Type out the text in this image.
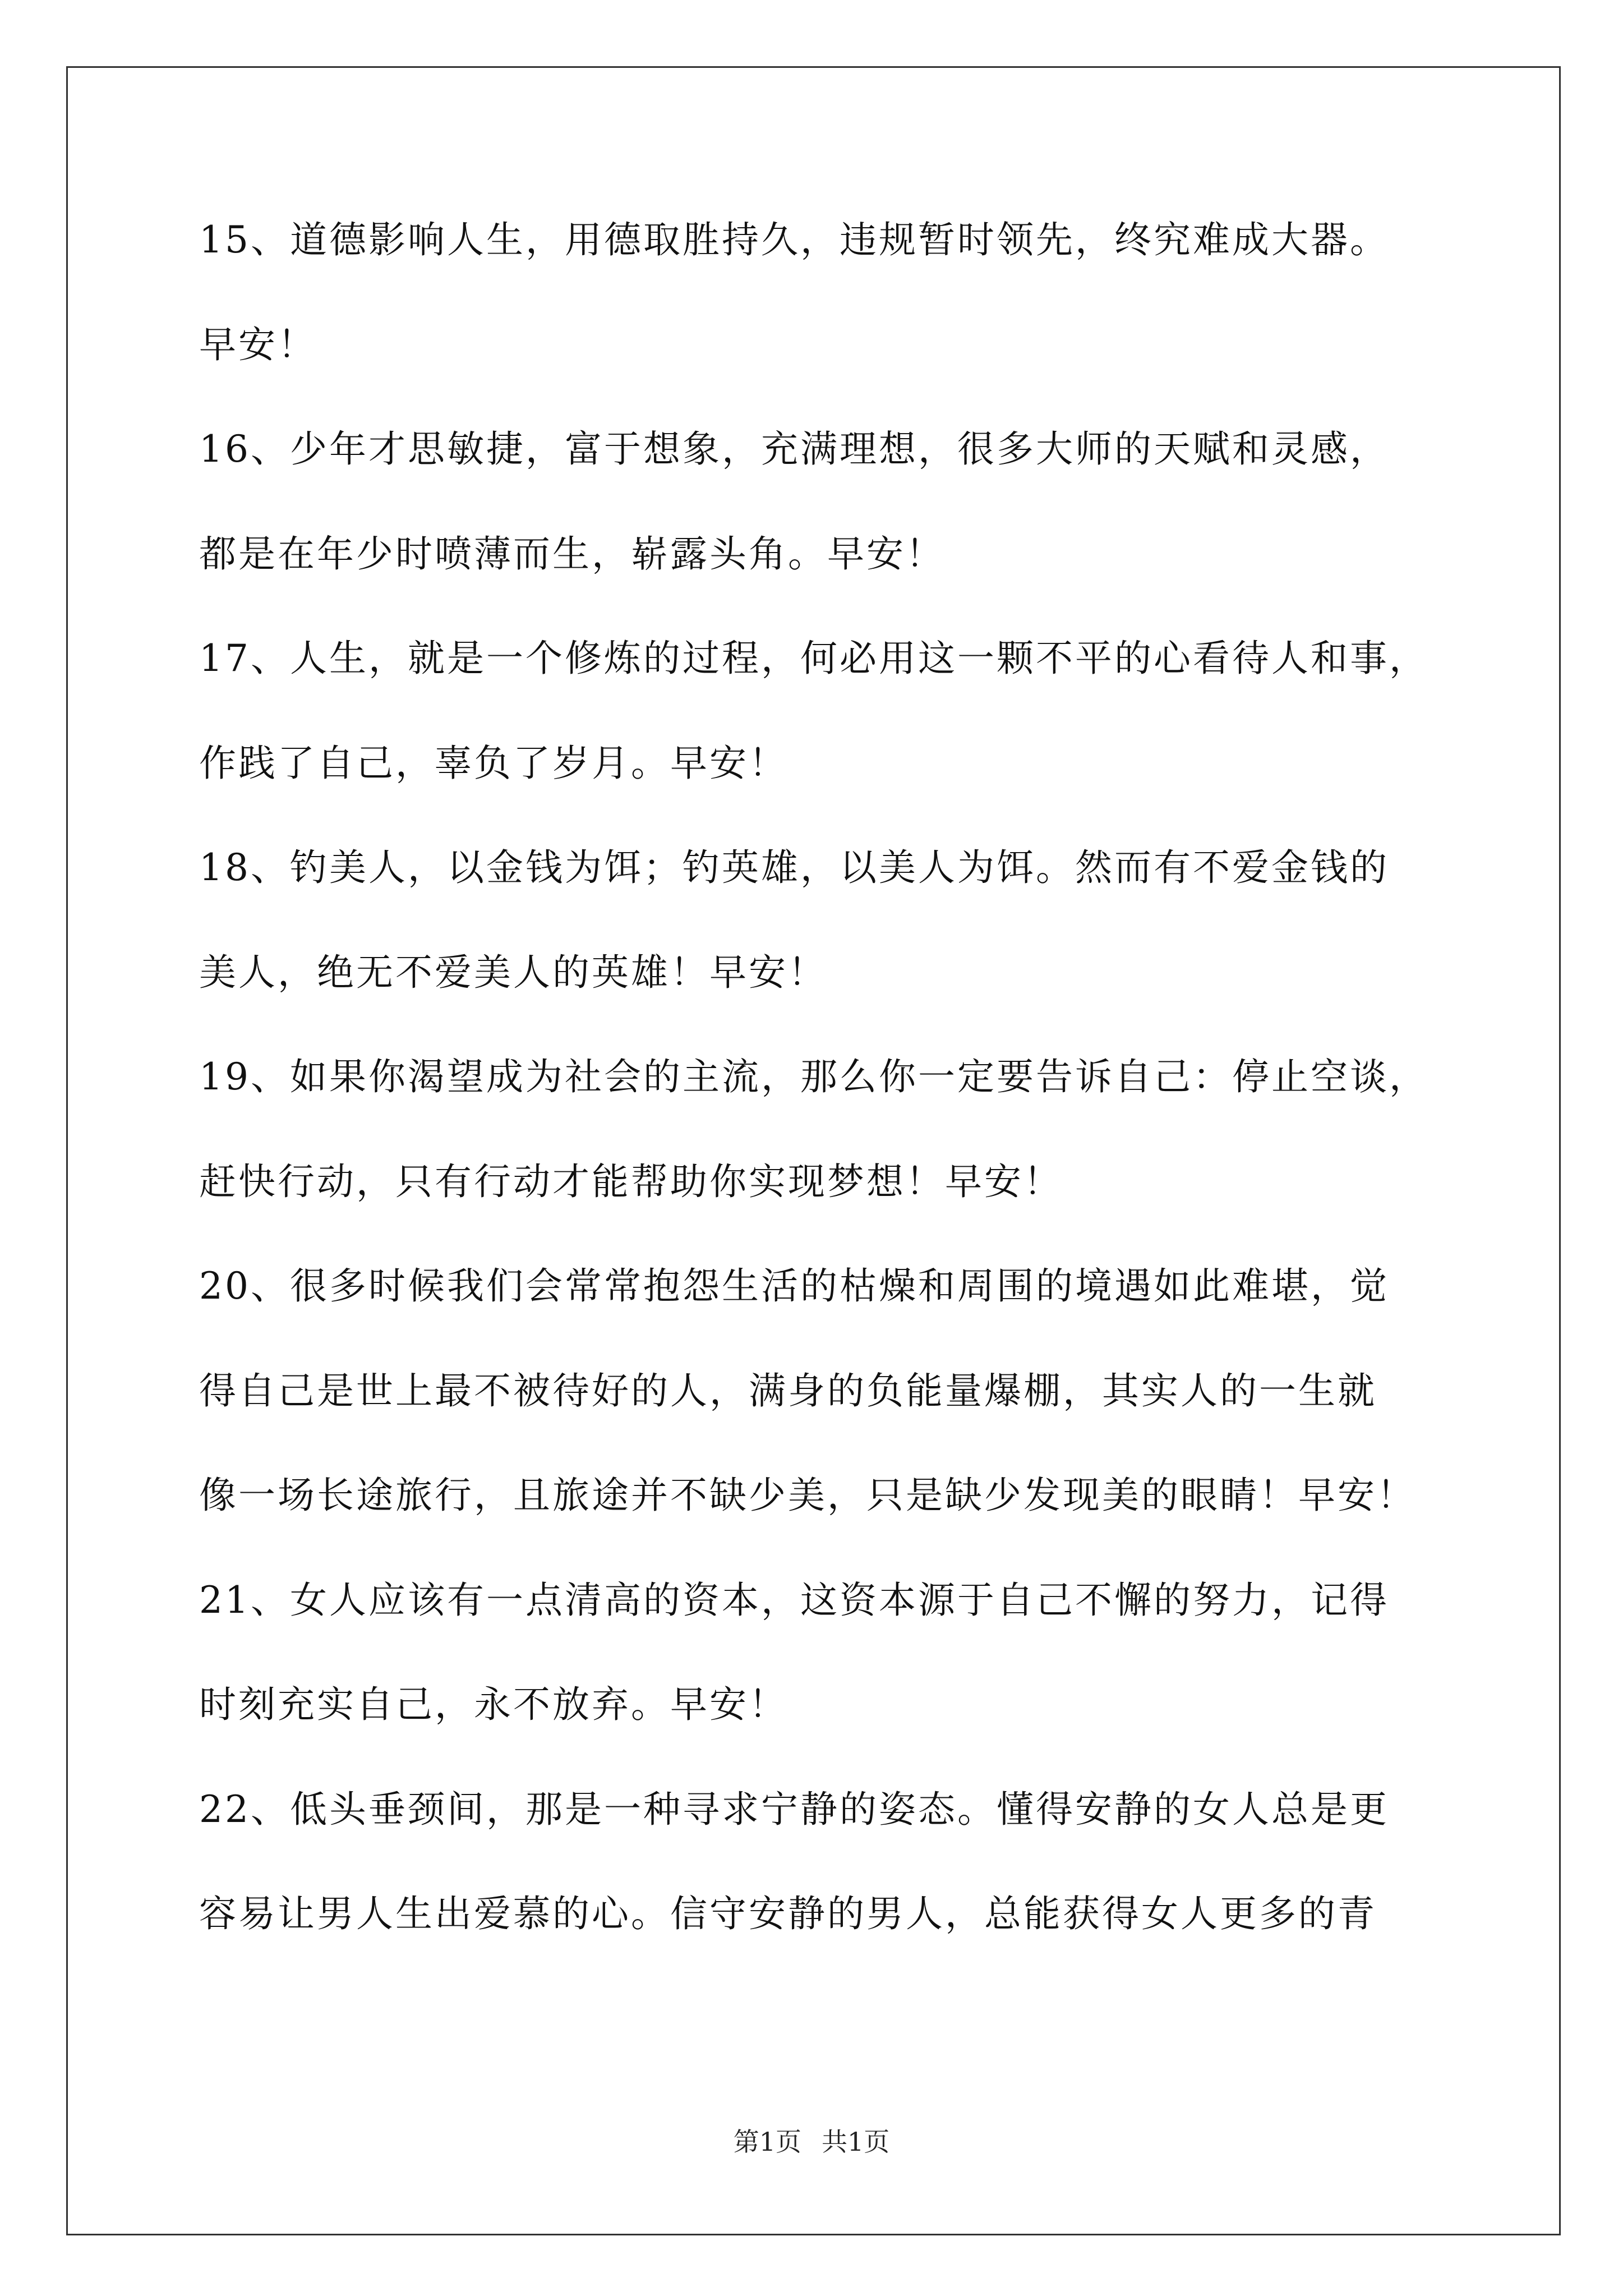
15、道德影响人生，用德取胜持久，违规暂时领先，终究难成大器。
早安！
16、少年才思敏捷，富于想象，充满理想，很多大师的天赋和灵感，
都是在年少时喷薄而生，崭露头角。早安！
17、人生，就是一个修炼的过程，何必用这一颗不平的心看待人和事，
作践了自己，辜负了岁月。早安！
18、钓美人，以金钱为饵；钓英雄，以美人为饵。然而有不爱金钱的
美人，绝无不爱美人的英雄！早安！
19、如果你渴望成为社会的主流，那么你一定要告诉自己：停止空谈，
赶快行动，只有行动才能帮助你实现梦想！早安！
20、很多时候我们会常常抱怨生活的枯燥和周围的境遇如此难堪，觉
得自己是世上最不被待好的人，满身的负能量爆棚，其实人的一生就
像一场长途旅行，且旅途并不缺少美，只是缺少发现美的眼睛！早安！
21、女人应该有一点清高的资本，这资本源于自己不懈的努力，记得
时刻充实自己，永不放弃。早安！
22、低头垂颈间，那是一种寻求宁静的姿态。懂得安静的女人总是更
容易让男人生出爱慕的心。信守安静的男人，总能获得女人更多的青
第1页 共1页
